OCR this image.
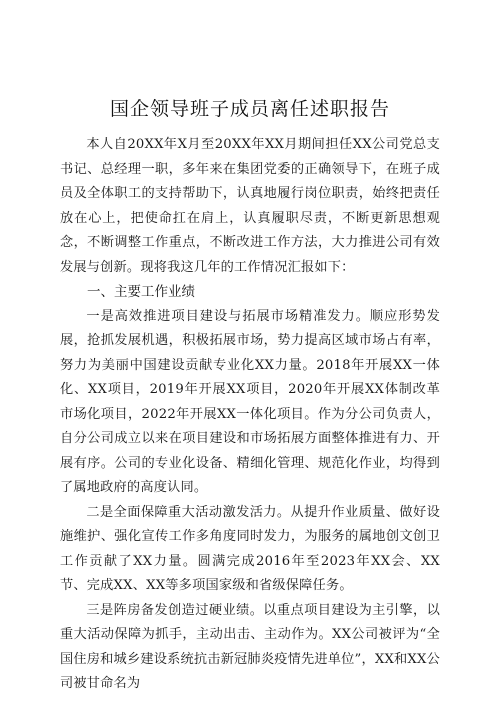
国企领导班子成员离任述职报告

本人自20XX年X月至20XX年XX月期间担任XX公司党总支书记、总经理一职，多年来在集团党委的正确领导下，在班子成员及全体职工的支持帮助下，认真地履行岗位职责，始终把责任放在心上，把使命扛在肩上，认真履职尽责，不断更新思想观念，不断调整工作重点，不断改进工作方法，大力推进公司有效发展与创新。现将我这几年的工作情况汇报如下：

一、主要工作业绩

一是高效推进项目建设与拓展市场精准发力。顺应形势发展，抢抓发展机遇，积极拓展市场，势力提高区域市场占有率，努力为美丽中国建设贡献专业化XX力量。2018年开展XX一体化、XX项目，2019年开展XX项目，2020年开展XX体制改革市场化项目，2022年开展XX一体化项目。作为分公司负责人，自分公司成立以来在项目建设和市场拓展方面整体推进有力、开展有序。公司的专业化设备、精细化管理、规范化作业，均得到了属地政府的高度认同。

二是全面保障重大活动激发活力。从提升作业质量、做好设施维护、强化宣传工作多角度同时发力，为服务的属地创文创卫工作贡献了XX力量。圆满完成2016年至2023年XX会、XX节、完成XX、XX等多项国家级和省级保障任务。

三是阵房备发创造过硬业绩。以重点项目建设为主引擎，以重大活动保障为抓手，主动出击、主动作为。XX公司被评为“全国住房和城乡建设系统抗击新冠肺炎疫情先进单位”，XX和XX公司被甘命名为
